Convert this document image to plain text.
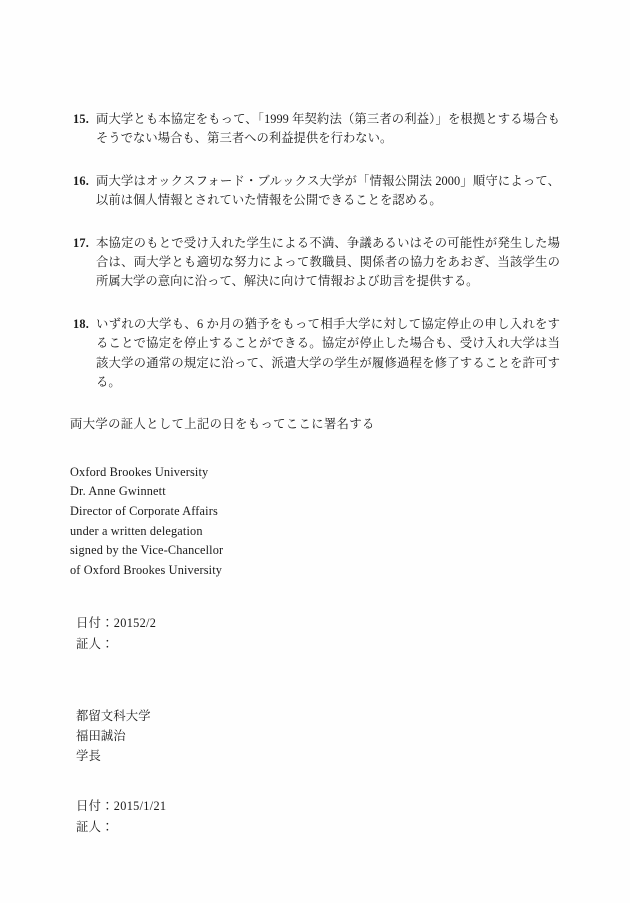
15. 両大学とも本協定をもって、「1999 年契約法（第三者の利益）」を根拠とする場合もそうでない場合も、第三者への利益提供を行わない。

16. 両大学はオックスフォード・ブルックス大学が「情報公開法 2000」順守によって、以前は個人情報とされていた情報を公開できることを認める。

17. 本協定のもとで受け入れた学生による不満、争議あるいはその可能性が発生した場合は、両大学とも適切な努力によって教職員、関係者の協力をあおぎ、当該学生の所属大学の意向に沿って、解決に向けて情報および助言を提供する。

18. いずれの大学も、6 か月の猶予をもって相手大学に対して協定停止の申し入れをすることで協定を停止することができる。協定が停止した場合も、受け入れ大学は当該大学の通常の規定に沿って、派遣大学の学生が履修過程を修了することを許可する。

両大学の証人として上記の日をもってここに署名する

Oxford Brookes University
Dr. Anne Gwinnett
Director of Corporate Affairs
under a written delegation
signed by the Vice-Chancellor
of Oxford Brookes University
日付：20152/2
証人：
都留文科大学
福田誠治
学長
日付：2015/1/21
証人：
